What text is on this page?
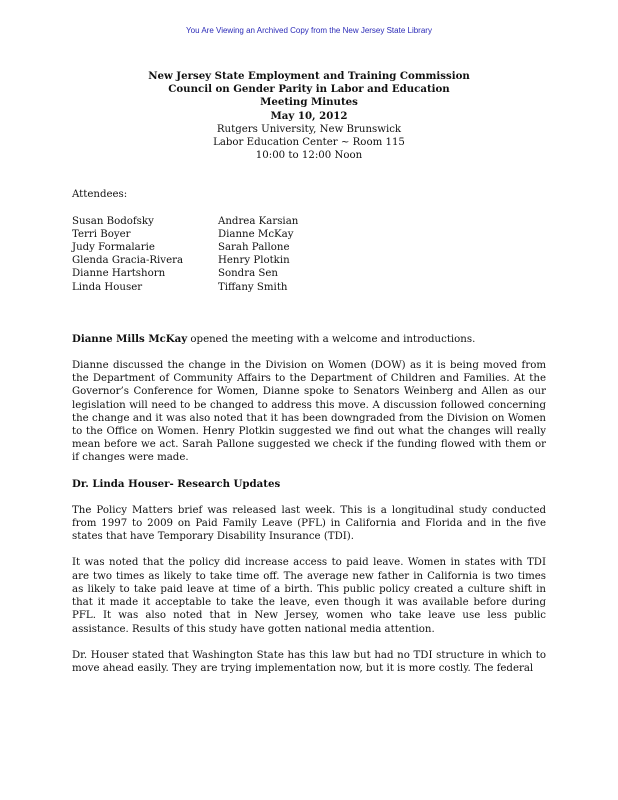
You Are Viewing an Archived Copy from the New Jersey State Library
New Jersey State Employment and Training Commission
Council on Gender Parity in Labor and Education
Meeting Minutes
May 10, 2012
Rutgers University, New Brunswick
Labor Education Center ~ Room 115
10:00 to 12:00 Noon
Attendees:
Susan Bodofsky
Terri Boyer
Judy Formalarie
Glenda Gracia-Rivera
Dianne Hartshorn
Linda Houser
Andrea Karsian
Dianne McKay
Sarah Pallone
Henry Plotkin
Sondra Sen
Tiffany Smith

Dianne Mills McKay opened the meeting with a welcome and introductions.

Dianne discussed the change in the Division on Women (DOW) as it is being moved from the Department of Community Affairs to the Department of Children and Families. At the Governor’s Conference for Women, Dianne spoke to Senators Weinberg and Allen as our legislation will need to be changed to address this move. A discussion followed concerning the change and it was also noted that it has been downgraded from the Division on Women to the Office on Women. Henry Plotkin suggested we find out what the changes will really mean before we act. Sarah Pallone suggested we check if the funding flowed with them or if changes were made.

Dr. Linda Houser- Research Updates

The Policy Matters brief was released last week. This is a longitudinal study conducted from 1997 to 2009 on Paid Family Leave (PFL) in California and Florida and in the five states that have Temporary Disability Insurance (TDI).

It was noted that the policy did increase access to paid leave. Women in states with TDI are two times as likely to take time off. The average new father in California is two times as likely to take paid leave at time of a birth. This public policy created a culture shift in that it made it acceptable to take the leave, even though it was available before during PFL. It was also noted that in New Jersey, women who take leave use less public assistance. Results of this study have gotten national media attention.

Dr. Houser stated that Washington State has this law but had no TDI structure in which to move ahead easily. They are trying implementation now, but it is more costly. The federal
